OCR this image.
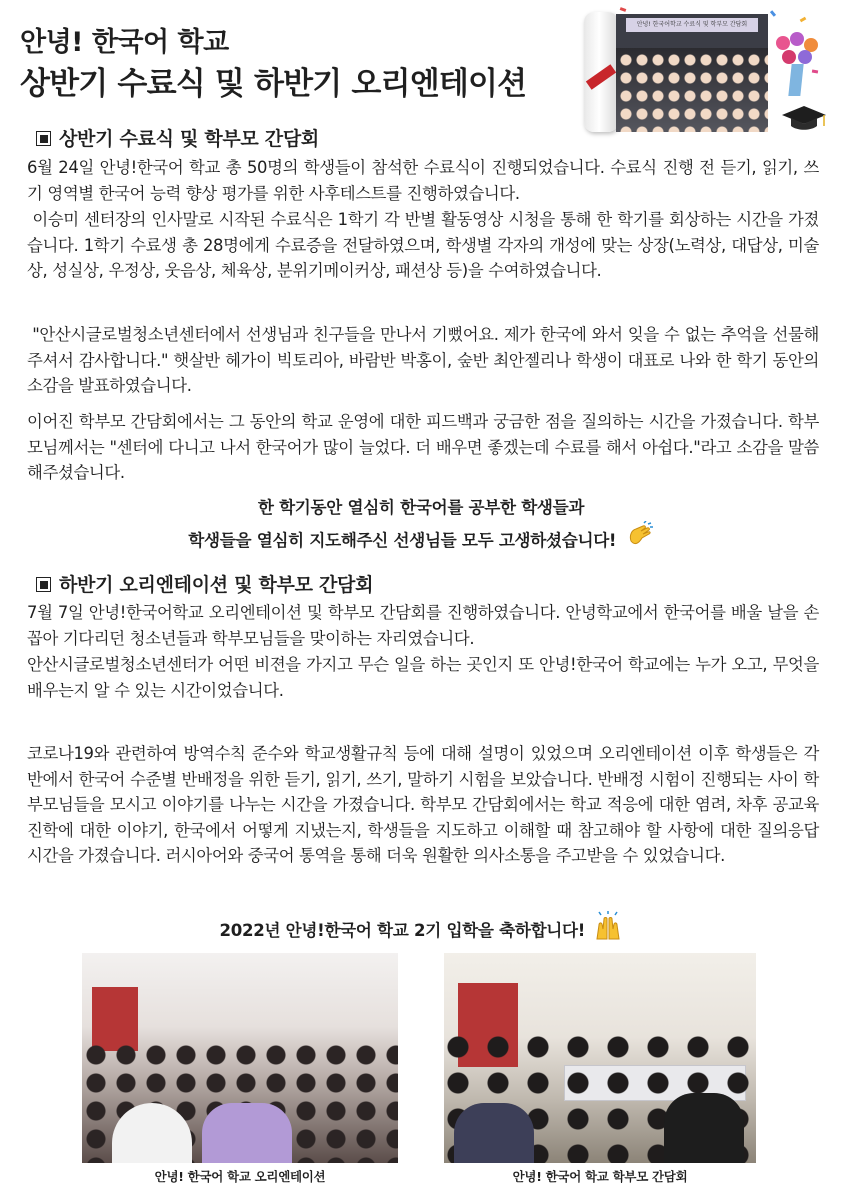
안녕! 한국어 학교
상반기 수료식 및 하반기 오리엔테이션
안녕! 한국어학교 수료식 및 학부모 간담회
상반기 수료식 및 학부모 간담회

6월 24일 안녕!한국어 학교 총 50명의 학생들이 참석한 수료식이 진행되었습니다. 수료식 진행 전 듣기, 읽기, 쓰기 영역별 한국어 능력 향상 평가를 위한 사후테스트를 진행하였습니다.

이승미 센터장의 인사말로 시작된 수료식은 1학기 각 반별 활동영상 시청을 통해 한 학기를 회상하는 시간을 가졌습니다. 1학기 수료생 총 28명에게 수료증을 전달하였으며, 학생별 각자의 개성에 맞는 상장(노력상, 대답상, 미술상, 성실상, 우정상, 웃음상, 체육상, 분위기메이커상, 패션상 등)을 수여하였습니다.

"안산시글로벌청소년센터에서 선생님과 친구들을 만나서 기뻤어요. 제가 한국에 와서 잊을 수 없는 추억을 선물해주셔서 감사합니다." 햇살반 헤가이 빅토리아, 바람반 박홍이, 숲반 최안젤리나 학생이 대표로 나와 한 학기 동안의 소감을 발표하였습니다.

이어진 학부모 간담회에서는 그 동안의 학교 운영에 대한 피드백과 궁금한 점을 질의하는 시간을 가졌습니다. 학부모님께서는 "센터에 다니고 나서 한국어가 많이 늘었다. 더 배우면 좋겠는데 수료를 해서 아쉽다."라고 소감을 말씀해주셨습니다.

한 학기동안 열심히 한국어를 공부한 학생들과

학생들을 열심히 지도해주신 선생님들 모두 고생하셨습니다!

하반기 오리엔테이션 및 학부모 간담회

7월 7일 안녕!한국어학교 오리엔테이션 및 학부모 간담회를 진행하였습니다. 안녕학교에서 한국어를 배울 날을 손꼽아 기다리던 청소년들과 학부모님들을 맞이하는 자리였습니다.

안산시글로벌청소년센터가 어떤 비젼을 가지고 무슨 일을 하는 곳인지 또 안녕!한국어 학교에는 누가 오고, 무엇을 배우는지 알 수 있는 시간이었습니다.

코로나19와 관련하여 방역수칙 준수와 학교생활규칙 등에 대해 설명이 있었으며 오리엔테이션 이후 학생들은 각 반에서 한국어 수준별 반배정을 위한 듣기, 읽기, 쓰기, 말하기 시험을 보았습니다. 반배정 시험이 진행되는 사이 학부모님들을 모시고 이야기를 나누는 시간을 가졌습니다. 학부모 간담회에서는 학교 적응에 대한 염려, 차후 공교육 진학에 대한 이야기, 한국에서 어떻게 지냈는지, 학생들을 지도하고 이해할 때 참고해야 할 사항에 대한 질의응답 시간을 가졌습니다. 러시아어와 중국어 통역을 통해 더욱 원활한 의사소통을 주고받을 수 있었습니다.

2022년 안녕!한국어 학교 2기 입학을 축하합니다!

안녕! 한국어 학교 오리엔테이션	안녕! 한국어 학교 학부모 간담회
